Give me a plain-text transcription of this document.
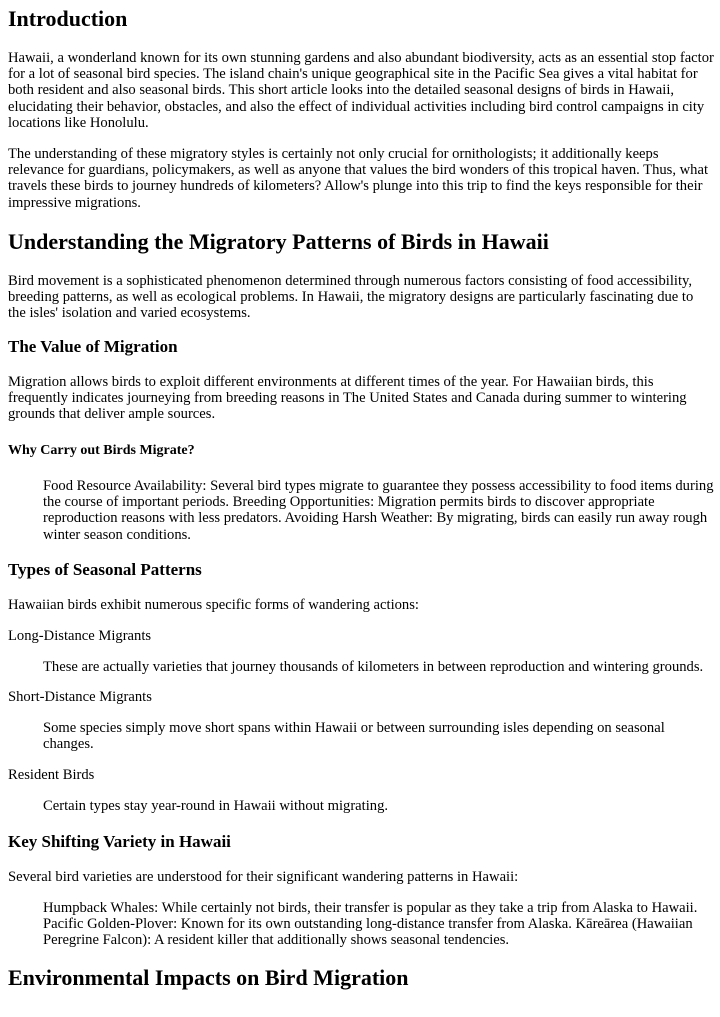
Introduction

Hawaii, a wonderland known for its own stunning gardens and also abundant biodiversity, acts as an essential stop factor for a lot of seasonal bird species. The island chain's unique geographical site in the Pacific Sea gives a vital habitat for both resident and also seasonal birds. This short article looks into the detailed seasonal designs of birds in Hawaii, elucidating their behavior, obstacles, and also the effect of individual activities including bird control campaigns in city locations like Honolulu.

The understanding of these migratory styles is certainly not only crucial for ornithologists; it additionally keeps relevance for guardians, policymakers, as well as anyone that values the bird wonders of this tropical haven. Thus, what travels these birds to journey hundreds of kilometers? Allow's plunge into this trip to find the keys responsible for their impressive migrations.

Understanding the Migratory Patterns of Birds in Hawaii

Bird movement is a sophisticated phenomenon determined through numerous factors consisting of food accessibility, breeding patterns, as well as ecological problems. In Hawaii, the migratory designs are particularly fascinating due to the isles' isolation and varied ecosystems.

The Value of Migration

Migration allows birds to exploit different environments at different times of the year. For Hawaiian birds, this frequently indicates journeying from breeding reasons in The United States and Canada during summer to wintering grounds that deliver ample sources.

Why Carry out Birds Migrate?

Food Resource Availability: Several bird types migrate to guarantee they possess accessibility to food items during the course of important periods. Breeding Opportunities: Migration permits birds to discover appropriate reproduction reasons with less predators. Avoiding Harsh Weather: By migrating, birds can easily run away rough winter season conditions.

Types of Seasonal Patterns

Hawaiian birds exhibit numerous specific forms of wandering actions:

Long-Distance Migrants

These are actually varieties that journey thousands of kilometers in between reproduction and wintering grounds.

Short-Distance Migrants

Some species simply move short spans within Hawaii or between surrounding isles depending on seasonal changes.

Resident Birds

Certain types stay year-round in Hawaii without migrating.

Key Shifting Variety in Hawaii

Several bird varieties are understood for their significant wandering patterns in Hawaii:

Humpback Whales: While certainly not birds, their transfer is popular as they take a trip from Alaska to Hawaii. Pacific Golden-Plover: Known for its own outstanding long-distance transfer from Alaska. Kāreārea (Hawaiian Peregrine Falcon): A resident killer that additionally shows seasonal tendencies.

Environmental Impacts on Bird Migration
